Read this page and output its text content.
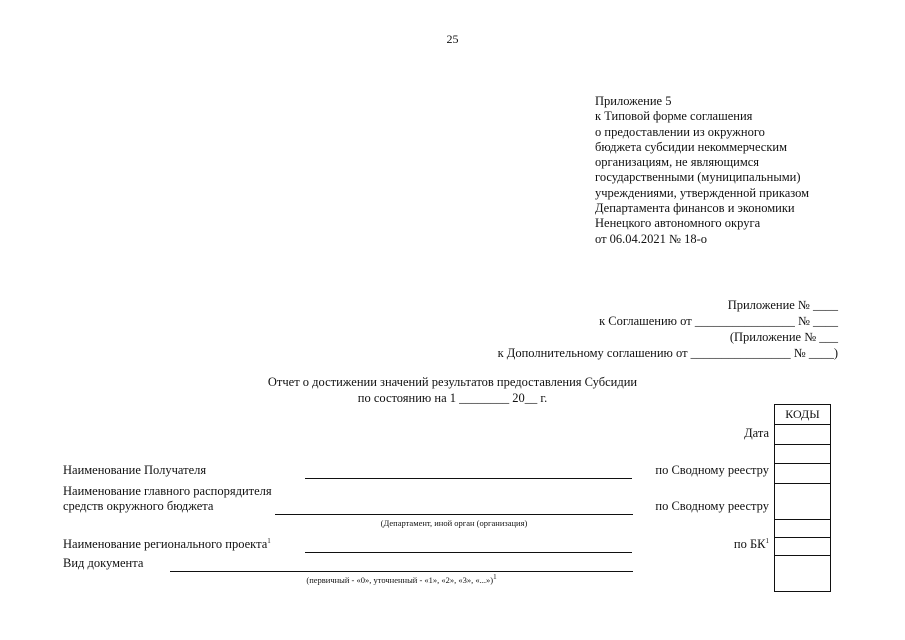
25
Приложение 5
к Типовой форме соглашения
о предоставлении из окружного
бюджета субсидии некоммерческим
организациям, не являющимся
государственными (муниципальными)
учреждениями, утвержденной приказом
Департамента финансов и экономики
Ненецкого автономного округа
от 06.04.2021 № 18-о
Приложение № ____
к Соглашению от ________________ № ____
(Приложение № ___
к Дополнительному соглашению от ________________ № ____)
Отчет о достижении значений результатов предоставления Субсидии
по состоянию на 1 ________ 20__ г.
КОДЫ

Дата
Наименование Получателя	по Сводному реестру
Наименование главного распорядителя
средств окружного бюджета	по Сводному реестру
(Департамент, иной орган (организация)
Наименование регионального проекта$^1$	по $БК^1$
Вид документа
(первичный - «0», уточненный - «1», «2», «3», «...»)$^1$
